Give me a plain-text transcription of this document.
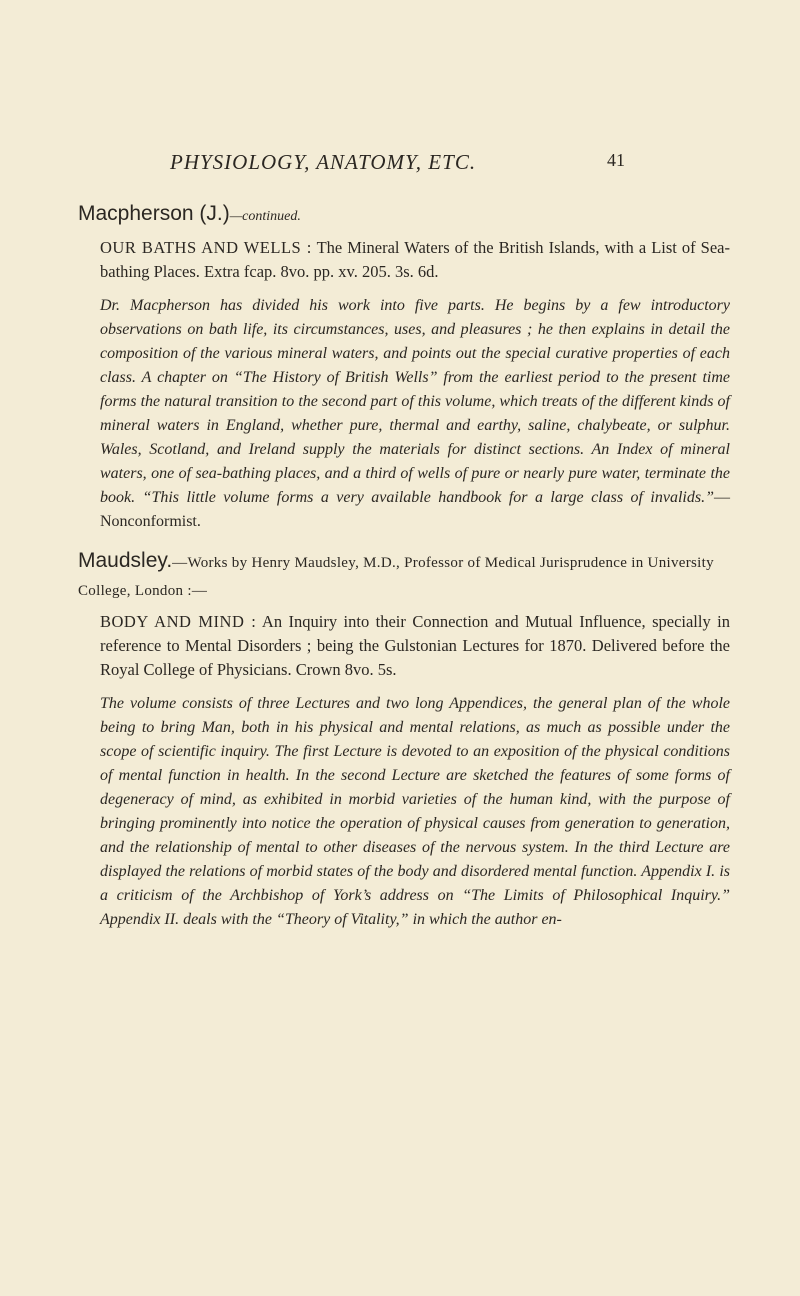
PHYSIOLOGY, ANATOMY, ETC.	41
Macpherson (J.)—continued.
OUR BATHS AND WELLS : The Mineral Waters of the British Islands, with a List of Sea-bathing Places. Extra fcap. 8vo. pp. xv. 205. 3s. 6d.
Dr. Macpherson has divided his work into five parts. He begins by a few introductory observations on bath life, its circumstances, uses, and pleasures ; he then explains in detail the composition of the various mineral waters, and points out the special curative properties of each class. A chapter on “The History of British Wells” from the earliest period to the present time forms the natural transition to the second part of this volume, which treats of the different kinds of mineral waters in England, whether pure, thermal and earthy, saline, chalybeate, or sulphur. Wales, Scotland, and Ireland supply the materials for distinct sections. An Index of mineral waters, one of sea-bathing places, and a third of wells of pure or nearly pure water, terminate the book. “This little volume forms a very available handbook for a large class of invalids.”—Nonconformist.
Maudsley.—Works by Henry Maudsley, M.D., Professor of Medical Jurisprudence in University College, London :—
BODY AND MIND : An Inquiry into their Connection and Mutual Influence, specially in reference to Mental Disorders ; being the Gulstonian Lectures for 1870. Delivered before the Royal College of Physicians. Crown 8vo. 5s.
The volume consists of three Lectures and two long Appendices, the general plan of the whole being to bring Man, both in his physical and mental relations, as much as possible under the scope of scientific inquiry. The first Lecture is devoted to an exposition of the physical conditions of mental function in health. In the second Lecture are sketched the features of some forms of degeneracy of mind, as exhibited in morbid varieties of the human kind, with the purpose of bringing prominently into notice the operation of physical causes from generation to generation, and the relationship of mental to other diseases of the nervous system. In the third Lecture are displayed the relations of morbid states of the body and disordered mental function. Appendix I. is a criticism of the Archbishop of York’s address on “The Limits of Philosophical Inquiry.” Appendix II. deals with the “Theory of Vitality,” in which the author en-
